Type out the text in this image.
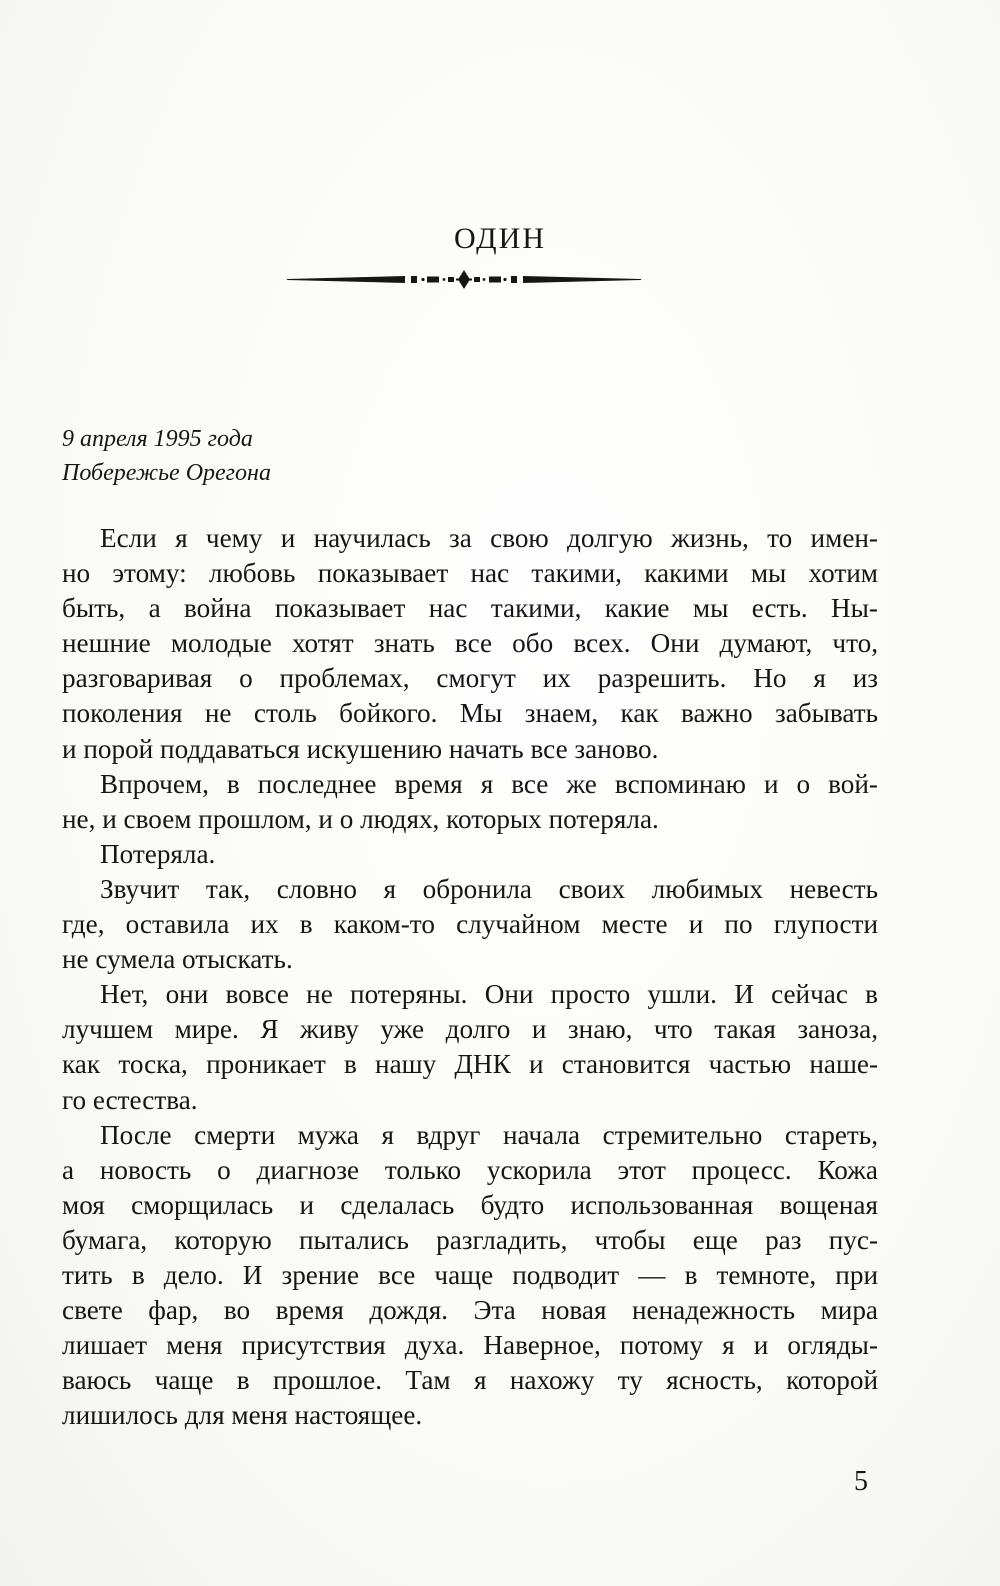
ОДИН
9 апреля 1995 года
Побережье Орегона
Если я чему и научилась за свою долгую жизнь, то имен-
но этому: любовь показывает нас такими, какими мы хотим
быть, а война показывает нас такими, какие мы есть. Ны-
нешние молодые хотят знать все обо всех. Они думают, что,
разговаривая о проблемах, смогут их разрешить. Но я из
поколения не столь бойкого. Мы знаем, как важно забывать
и порой поддаваться искушению начать все заново.
Впрочем, в последнее время я все же вспоминаю и о вой-
не, и своем прошлом, и о людях, которых потеряла.
Потеряла.
Звучит так, словно я обронила своих любимых невесть
где, оставила их в каком-то случайном месте и по глупости
не сумела отыскать.
Нет, они вовсе не потеряны. Они просто ушли. И сейчас в
лучшем мире. Я живу уже долго и знаю, что такая заноза,
как тоска, проникает в нашу ДНК и становится частью наше-
го естества.
После смерти мужа я вдруг начала стремительно стареть,
а новость о диагнозе только ускорила этот процесс. Кожа
моя сморщилась и сделалась будто использованная вощеная
бумага, которую пытались разгладить, чтобы еще раз пус-
тить в дело. И зрение все чаще подводит — в темноте, при
свете фар, во время дождя. Эта новая ненадежность мира
лишает меня присутствия духа. Наверное, потому я и огляды-
ваюсь чаще в прошлое. Там я нахожу ту ясность, которой
лишилось для меня настоящее.
5
